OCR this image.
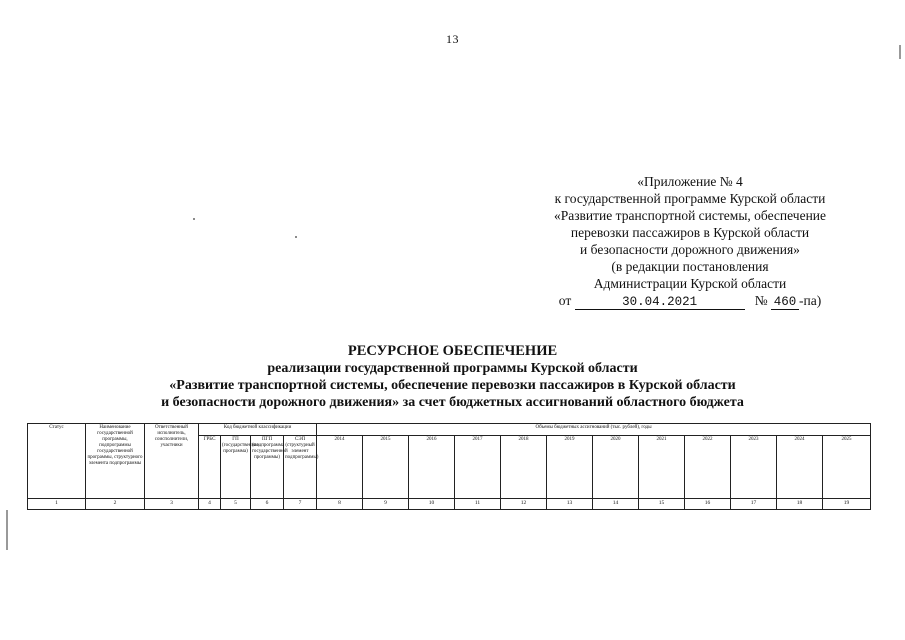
13
«Приложение № 4
к государственной программе Курской области
«Развитие транспортной системы, обеспечение
перевозки пассажиров в Курской области
и безопасности дорожного движения»
(в редакции постановления
Администрации Курской области
от	30.04.2021	№ 460 -па)
РЕСУРСНОЕ ОБЕСПЕЧЕНИЕ
реализации государственной программы Курской области
«Развитие транспортной системы, обеспечение перевозки пассажиров в Курской области
и безопасности дорожного движения» за счет бюджетных ассигнований областного бюджета
Статус	Наименование государственной программы, подпрограммы государственной программы, структурного элемента подпрограммы	Ответственный исполнитель, соисполнители, участники	Код бюджетной классификации				Объемы бюджетных ассигнований (тыс. рублей), годы											
			ГРБС	ГП (государственная программа)	ПГП (подпрограмма государственной программы)	СЭП (структурный элемент подпрограммы)	2014	2015	2016	2017	2018	2019	2020	2021	2022	2023	2024	2025
1	2	3	4	5	6	7	8	9	10	11	12	13	14	15	16	17	18	19
